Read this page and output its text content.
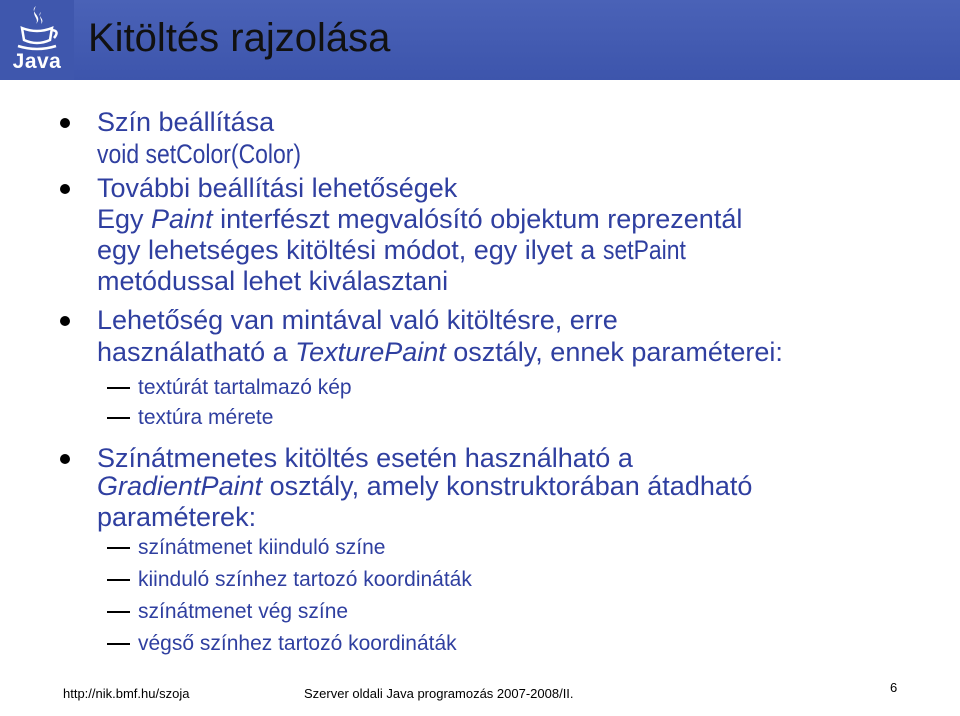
Java
Kitöltés rajzolása
Szín beállítása
void setColor(Color)
További beállítási lehetőségek
Egy Paint interfészt megvalósító objektum reprezentál
egy lehetséges kitöltési módot, egy ilyet a setPaint
metódussal lehet kiválasztani
Lehetőség van mintával való kitöltésre, erre
használatható a TexturePaint osztály, ennek paraméterei:
textúrát tartalmazó kép
textúra mérete
Színátmenetes kitöltés esetén használható a
GradientPaint osztály, amely konstruktorában átadható
paraméterek:
színátmenet kiinduló színe
kiinduló színhez tartozó koordináták
színátmenet vég színe
végső színhez tartozó koordináták
http://nik.bmf.hu/szoja	Szerver oldali Java programozás 2007-2008/II.	6
